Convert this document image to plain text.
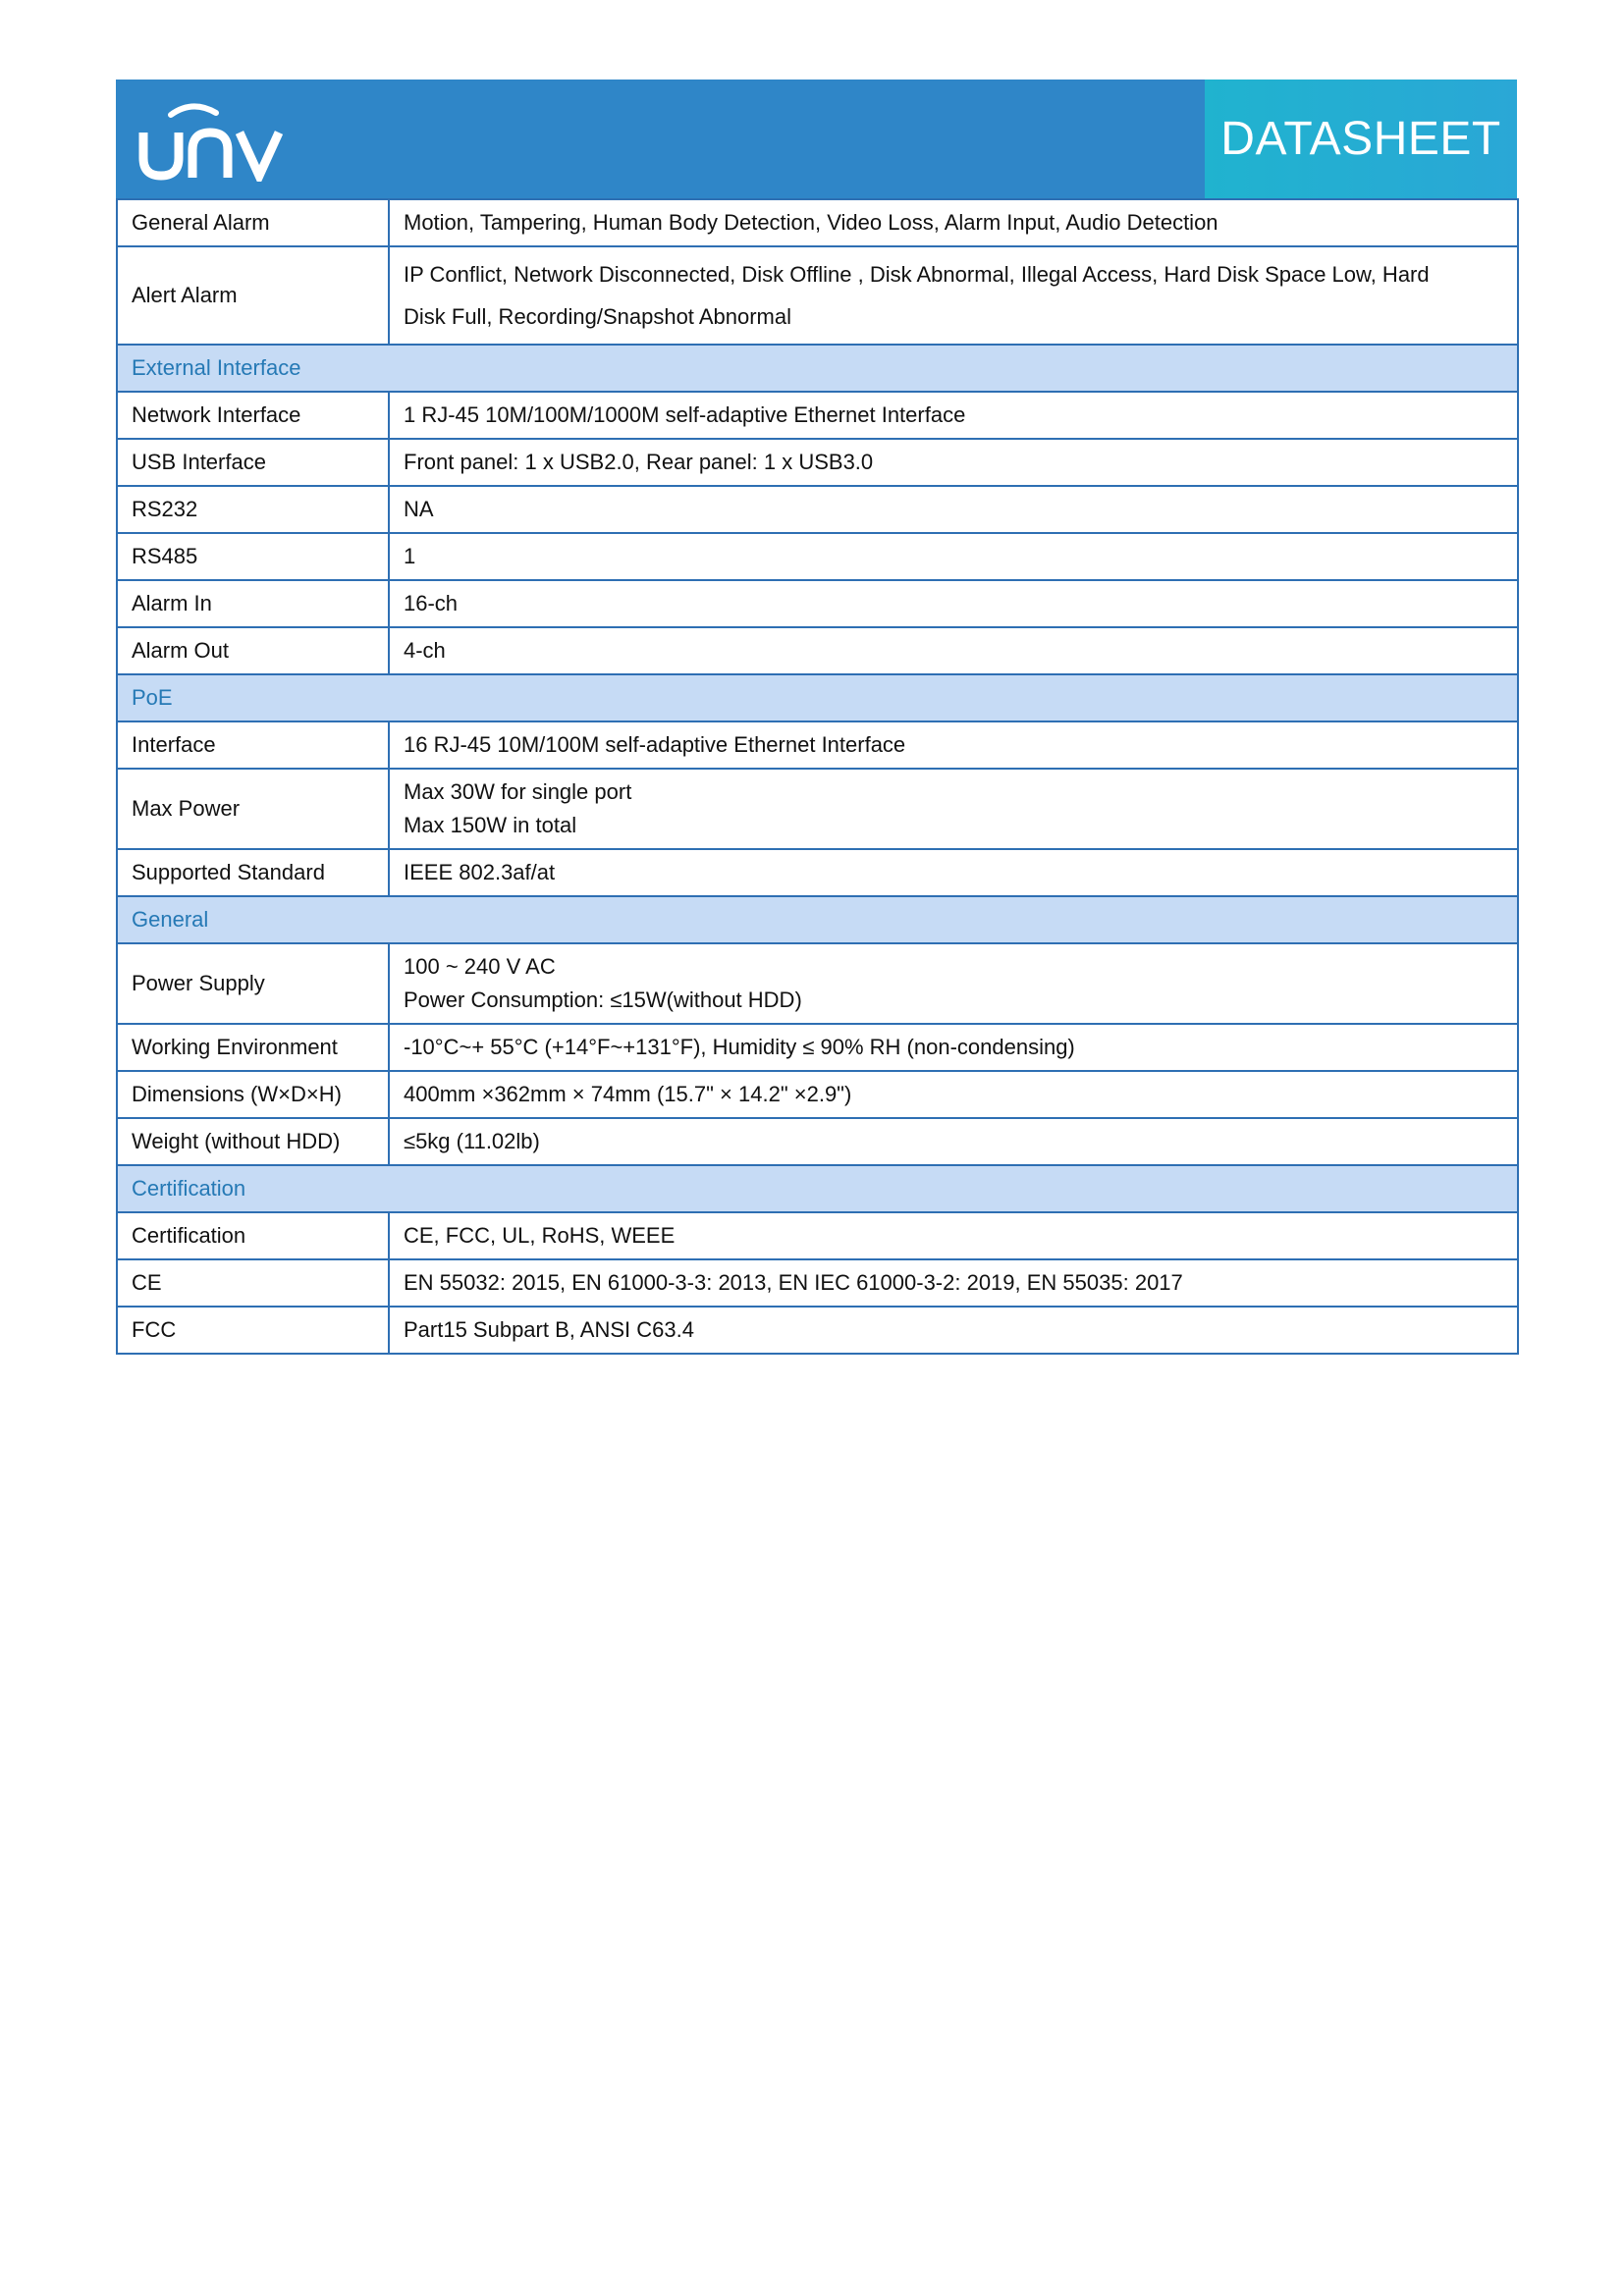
DATASHEET
General Alarm	Motion, Tampering, Human Body Detection, Video Loss, Alarm Input, Audio Detection

Alert Alarm	IP Conflict, Network Disconnected, Disk Offline , Disk Abnormal, Illegal Access, Hard Disk Space Low, Hard
Disk Full, Recording/Snapshot Abnormal

External Interface	
Network Interface	1 RJ-45 10M/100M/1000M self-adaptive Ethernet Interface

USB Interface	Front panel: 1 x USB2.0, Rear panel: 1 x USB3.0

RS232	NA

RS485	1

Alarm In	16-ch

Alarm Out	4-ch

PoE	
Interface	16 RJ-45 10M/100M self-adaptive Ethernet Interface

Max Power	Max 30W for single port
Max 150W in total

Supported Standard	IEEE 802.3af/at

General	
Power Supply	100 ~ 240 V AC
Power Consumption: ≤15W(without HDD)

Working Environment	-10°C~+ 55°C (+14°F~+131°F), Humidity ≤ 90% RH (non-condensing)

Dimensions (W×D×H)	400mm ×362mm × 74mm (15.7" × 14.2" ×2.9")

Weight (without HDD)	≤5kg (11.02lb)

Certification	
Certification	CE, FCC, UL, RoHS, WEEE

CE	EN 55032: 2015, EN 61000-3-3: 2013, EN IEC 61000-3-2: 2019, EN 55035: 2017

FCC	Part15 Subpart B, ANSI C63.4
